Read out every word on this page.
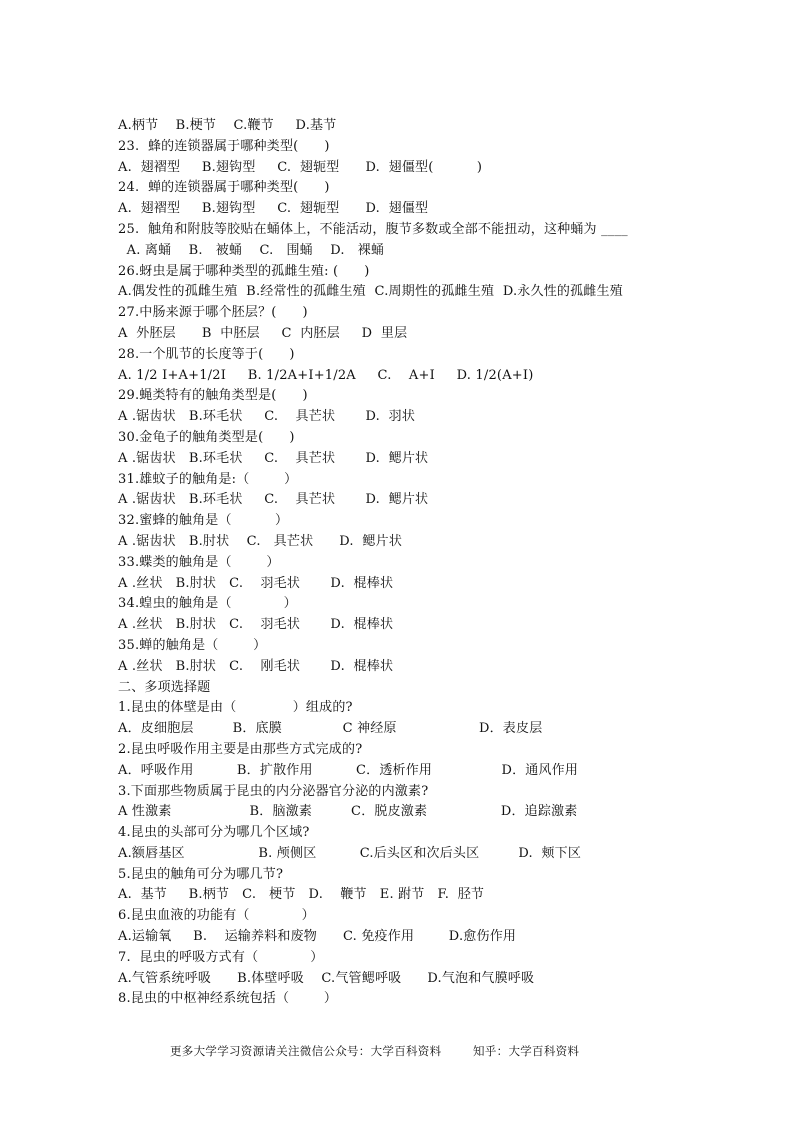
A.柄节    B.梗节    C.鞭节     D.基节
23.  蜂的连锁器属于哪种类型(      )
A.  翅褶型     B.翅钩型     C.  翅轭型      D.  翅僵型(          )
24.  蝉的连锁器属于哪种类型(      )
A.  翅褶型     B.翅钩型     C.  翅轭型      D.  翅僵型
25.  触角和附肢等胶贴在蛹体上，不能活动，腹节多数或全部不能扭动，这种蛹为 ____
A. 离蛹    B.   被蛹    C.   围蛹    D.   裸蛹
26.蚜虫是属于哪种类型的孤雌生殖: (      )
A.偶发性的孤雌生殖  B.经常性的孤雌生殖  C.周期性的孤雌生殖  D.永久性的孤雌生殖
27.中肠来源于哪个胚层？(      )
A  外胚层      B  中胚层     C  内胚层     D  里层
28.一个肌节的长度等于(      )
A. 1/2 I+A+1/2I     B. 1/2A+I+1/2A     C.    A+I     D. 1/2(A+I)
29.蝇类特有的触角类型是(      )
A .锯齿状   B.环毛状     C.    具芒状       D.  羽状
30.金龟子的触角类型是(      )
A .锯齿状   B.环毛状     C.    具芒状       D.  鳃片状
31.雄蚊子的触角是:（        ）
A .锯齿状   B.环毛状     C.    具芒状       D.  鳃片状
32.蜜蜂的触角是（          ）
A .锯齿状   B.肘状    C.   具芒状      D.  鳃片状
33.蝶类的触角是（        ）
A .丝状   B.肘状   C.    羽毛状       D.  棍棒状
34.蝗虫的触角是（            ）
A .丝状   B.肘状   C.    羽毛状       D.  棍棒状
35.蝉的触角是（        ）
A .丝状   B.肘状   C.    刚毛状       D.  棍棒状
二、多项选择题
1.昆虫的体壁是由（             ）组成的?
A．皮细胞层         B．底膜              C 神经原                   D．表皮层
2.昆虫呼吸作用主要是由那些方式完成的?
A．呼吸作用          B．扩散作用          C．透析作用                D．通风作用
3.下面那些物质属于昆虫的内分泌器官分泌的内激素?
A 性激素                  B．脑激素         C．脱皮激素                 D．追踪激素
4.昆虫的头部可分为哪几个区域?
A.额唇基区                 B. 颅侧区          C.后头区和次后头区         D.  颊下区
5.昆虫的触角可分为哪几节?
A.  基节     B.柄节   C.   梗节   D.    鞭节   E. 跗节   F.  胫节
6.昆虫血液的功能有（            ）
A.运输氧     B.    运输养料和废物      C. 免疫作用        D.愈伤作用
7.  昆虫的呼吸方式有（            ）
A.气管系统呼吸      B.体壁呼吸    C.气管鳃呼吸      D.气泡和气膜呼吸
8.昆虫的中枢神经系统包括（        ）
更多大学学习资源请关注微信公众号：大学百科资料        知乎：大学百科资料
